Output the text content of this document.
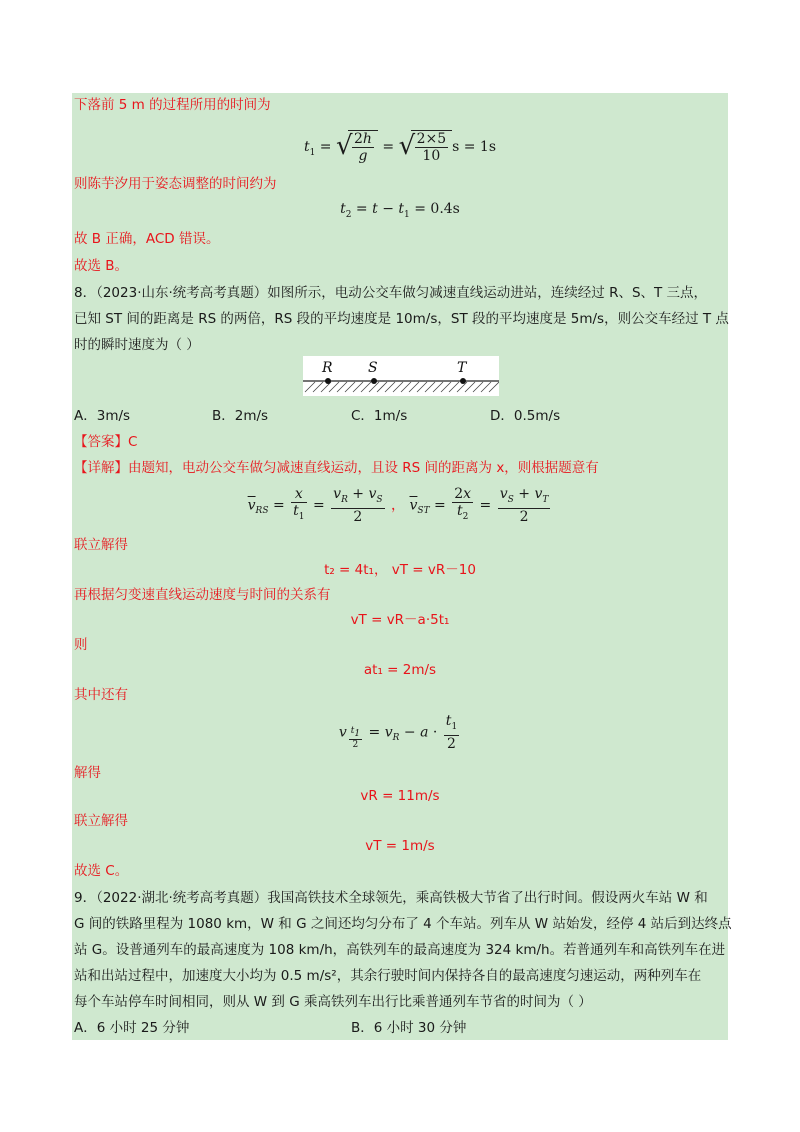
下落前 5 m 的过程所用的时间为
$t_1$ = √ $\frac{2h}{g}$ = √ $\frac{2\times 5}{10}$ s = 1s
则陈芋汐用于姿态调整的时间约为
$t_2 = t - t_1 = 0.4s$
故 B 正确，ACD 错误。
故选 B。
8．（2023·山东·统考高考真题）如图所示，电动公交车做匀减速直线运动进站，连续经过 R、S、T 三点，
已知 ST 间的距离是 RS 的两倍，RS 段的平均速度是 10m/s，ST 段的平均速度是 5m/s，则公交车经过 T 点
时的瞬时速度为（ ）
R	S	T
A．3m/s	B．2m/s	C．1m/s	D．0.5m/s
【答案】C
【详解】由题知，电动公交车做匀减速直线运动，且设 RS 间的距离为 x，则根据题意有
$\overline{v}_{RS} = \frac{x}{t_1} = \frac{v_R + v_S}{2}$ ， $\overline{v}_{ST} = \frac{2x}{t_2} = \frac{v_S + v_T}{2}$
联立解得
t₂ = 4t₁， vT = vR－10
再根据匀变速直线运动速度与时间的关系有
vT = vR－a·5t₁
则
at₁ = 2m/s
其中还有
v $_{\frac{t_1}{2}} = v_R - a \cdot \frac{t_1}{2}$
解得
vR = 11m/s
联立解得
vT = 1m/s
故选 C。
9．（2022·湖北·统考高考真题）我国高铁技术全球领先，乘高铁极大节省了出行时间。假设两火车站 W 和
G 间的铁路里程为 1080 km，W 和 G 之间还均匀分布了 4 个车站。列车从 W 站始发，经停 4 站后到达终点
站 G。设普通列车的最高速度为 108 km/h，高铁列车的最高速度为 324 km/h。若普通列车和高铁列车在进
站和出站过程中，加速度大小均为 0.5 m/s²，其余行驶时间内保持各自的最高速度匀速运动，两种列车在
每个车站停车时间相同，则从 W 到 G 乘高铁列车出行比乘普通列车节省的时间为（ ）
A．6 小时 25 分钟	B．6 小时 30 分钟
